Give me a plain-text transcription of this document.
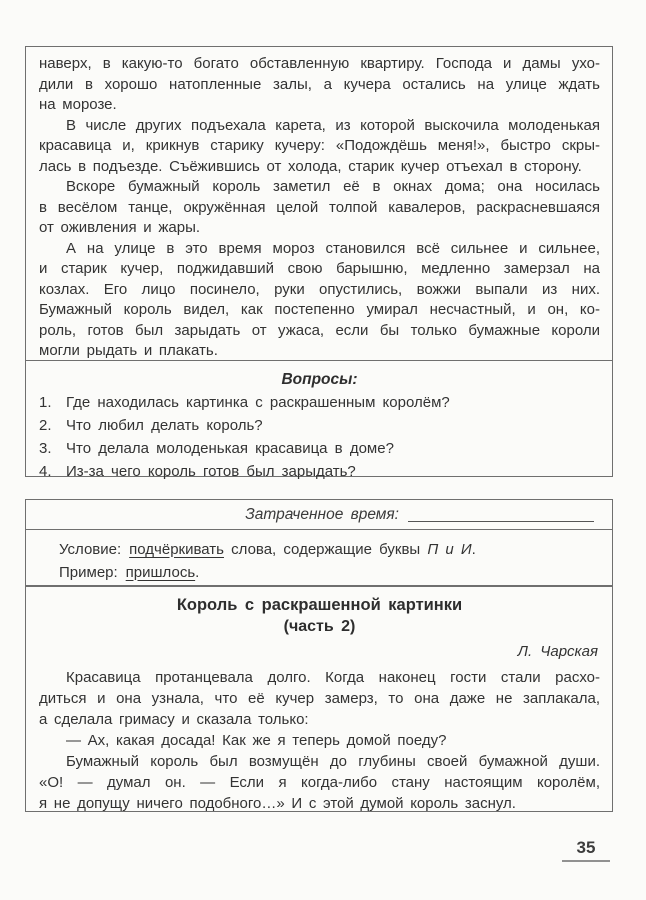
наверх, в какую-то богато обставленную квартиру. Господа и дамы ухо-
дили в хорошо натопленные залы, а кучера остались на улице ждать
на морозе.
В числе других подъехала карета, из которой выскочила молоденькая
красавица и, крикнув старику кучеру: «Подождёшь меня!», быстро скры-
лась в подъезде. Съёжившись от холода, старик кучер отъехал в сторону.
Вскоре бумажный король заметил её в окнах дома; она носилась
в весёлом танце, окружённая целой толпой кавалеров, раскрасневшаяся
от оживления и жары.
А на улице в это время мороз становился всё сильнее и сильнее,
и старик кучер, поджидавший свою барышню, медленно замерзал на
козлах. Его лицо посинело, руки опустились, вожжи выпали из них.
Бумажный король видел, как постепенно умирал несчастный, и он, ко-
роль, готов был зарыдать от ужаса, если бы только бумажные короли
могли рыдать и плакать.
Вопросы:
1. Где находилась картинка с раскрашенным королём?
2. Что любил делать король?
3. Что делала молоденькая красавица в доме?
4. Из-за чего король готов был зарыдать?
Затраченное время:
Условие: подчёркивать слова, содержащие буквы П и И.
Пример: пришлось.
Король с раскрашенной картинки
(часть 2)
Л. Чарская
Красавица протанцевала долго. Когда наконец гости стали расхо-
диться и она узнала, что её кучер замерз, то она даже не заплакала,
а сделала гримасу и сказала только:
— Ах, какая досада! Как же я теперь домой поеду?
Бумажный король был возмущён до глубины своей бумажной души.
«О! — думал он. — Если я когда-либо стану настоящим королём,
я не допущу ничего подобного…» И с этой думой король заснул.
35
